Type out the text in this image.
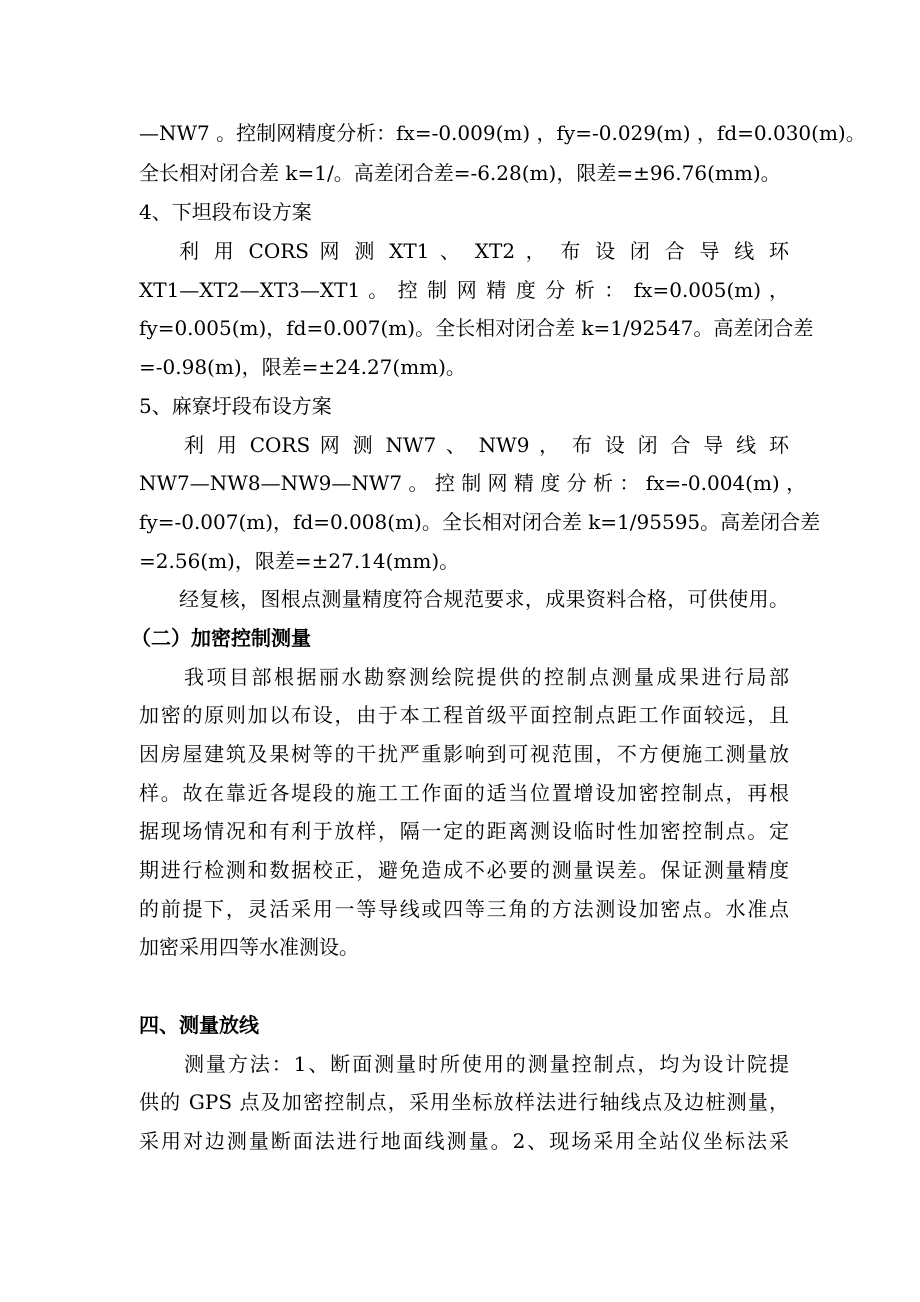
—NW7 。控制网精度分析：fx=-0.009(m) ，fy=-0.029(m) ，fd=0.030(m)。
全长相对闭合差 k=1/。高差闭合差=-6.28(m)，限差=±96.76(mm)。
4、下坦段布设方案
利 用 CORS 网 测 XT1 、 XT2 ， 布 设 闭 合 导 线 环
XT1—XT2—XT3—XT1 。 控 制 网 精 度 分 析 ： fx=0.005(m) ，
fy=0.005(m)，fd=0.007(m)。全长相对闭合差 k=1/92547。高差闭合差
=-0.98(m)，限差=±24.27(mm)。
5、麻寮圩段布设方案
利 用 CORS 网 测 NW7 、 NW9 ， 布 设 闭 合 导 线 环
NW7—NW8—NW9—NW7 。 控 制 网 精 度 分 析 ： fx=-0.004(m) ，
fy=-0.007(m)，fd=0.008(m)。全长相对闭合差 k=1/95595。高差闭合差
=2.56(m)，限差=±27.14(mm)。
经复核，图根点测量精度符合规范要求，成果资料合格，可供使用。
（二）加密控制测量
我项目部根据丽水勘察测绘院提供的控制点测量成果进行局部
加密的原则加以布设，由于本工程首级平面控制点距工作面较远，且
因房屋建筑及果树等的干扰严重影响到可视范围，不方便施工测量放
样。故在靠近各堤段的施工工作面的适当位置增设加密控制点，再根
据现场情况和有利于放样，隔一定的距离测设临时性加密控制点。定
期进行检测和数据校正，避免造成不必要的测量误差。保证测量精度
的前提下，灵活采用一等导线或四等三角的方法测设加密点。水准点
加密采用四等水准测设。
四、测量放线
测量方法：1、断面测量时所使用的测量控制点，均为设计院提
供的 GPS 点及加密控制点，采用坐标放样法进行轴线点及边桩测量，
采用对边测量断面法进行地面线测量。2、现场采用全站仪坐标法采
